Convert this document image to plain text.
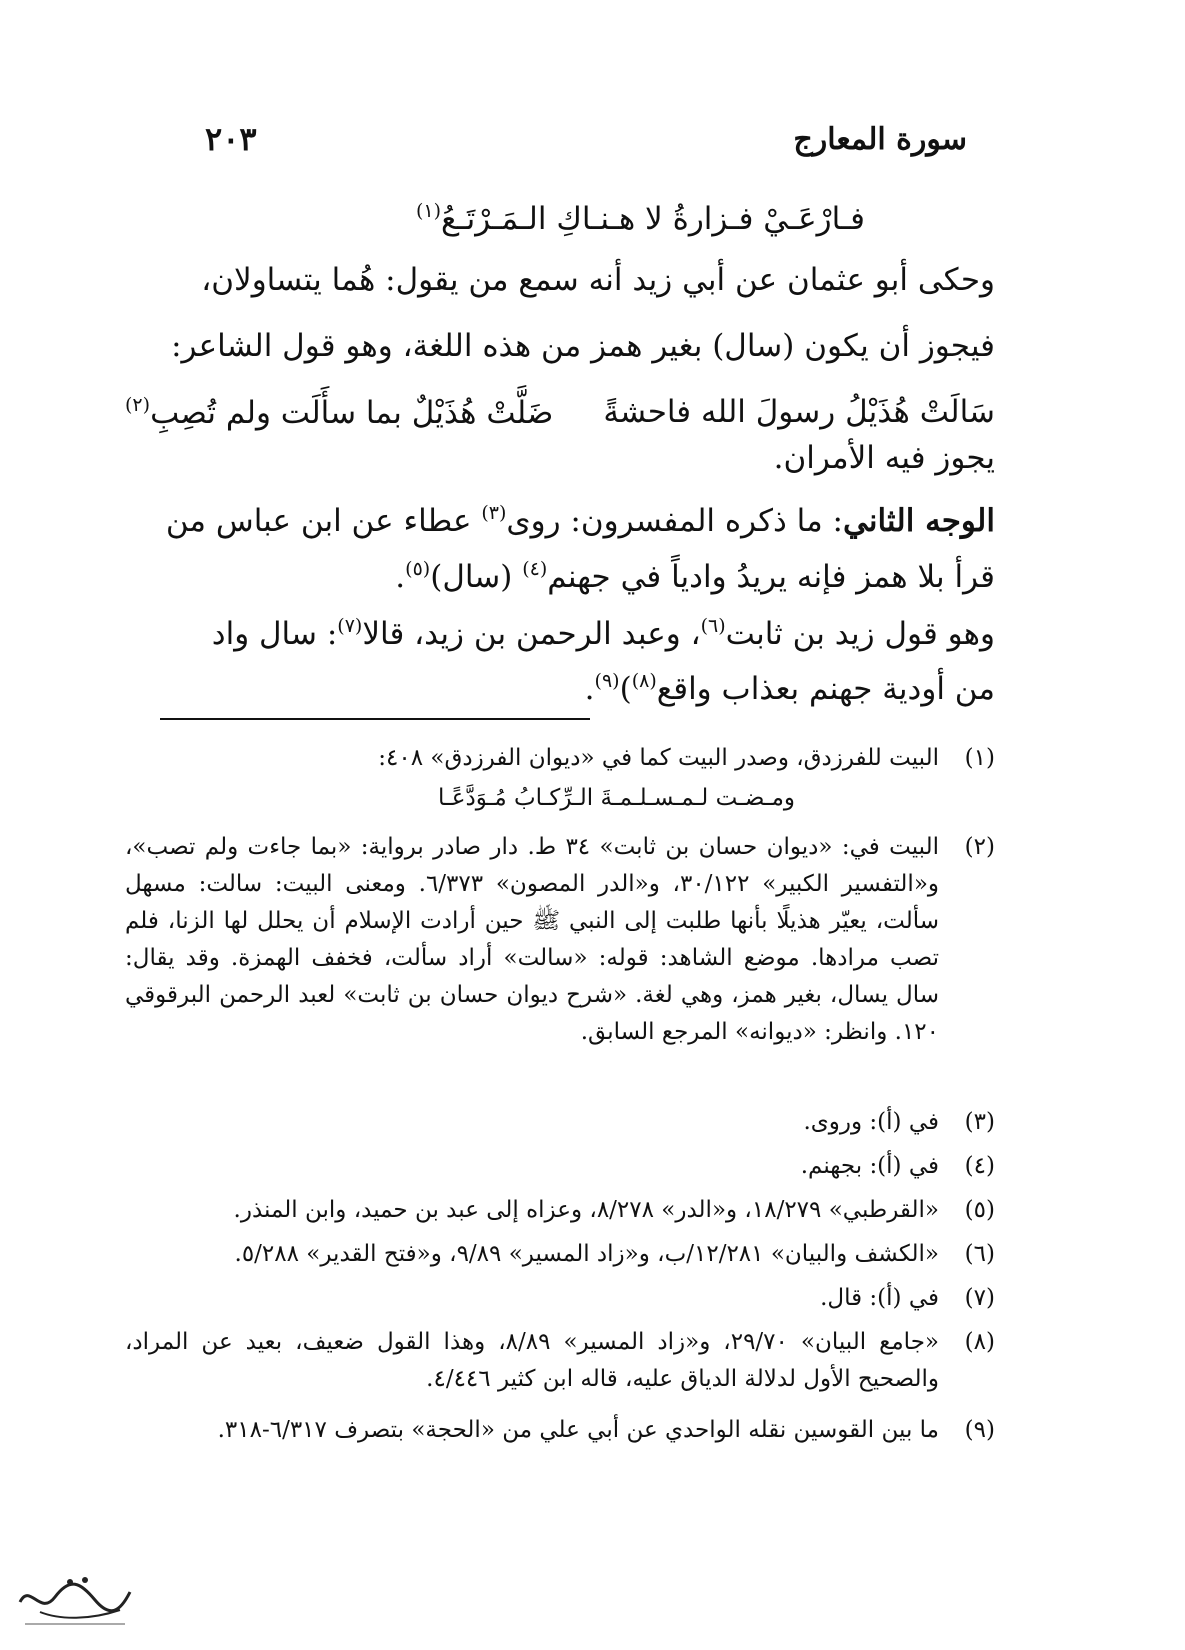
سورة المعارج
٢٠٣
فـارْعَـيْ فـزارةُ لا هـنـاكِ الـمَـرْتَـعُ$^{(١)}$
وحكى أبو عثمان عن أبي زيد أنه سمع من يقول: هُما يتساولان،
فيجوز أن يكون (سال) بغير همز من هذه اللغة، وهو قول الشاعر:
سَالَتْ هُذَيْلُ رسولَ الله فاحشةً
ضَلَّتْ هُذَيْلٌ بما سأَلَت ولم تُصِبِ$^{(٢)}$
يجوز فيه الأمران.
الوجه الثاني: ما ذكره المفسرون: روى$^{(٣)}$ عطاء عن ابن عباس من
قرأ بلا همز فإنه يريدُ وادياً في جهنم$^{(٤)}$ (سال)$^{(٥)}$.
وهو قول زيد بن ثابت$^{(٦)}$، وعبد الرحمن بن زيد، قالا$^{(٧)}$: سال واد
من أودية جهنم بعذاب واقع$^{(٨)}$)$^{(٩)}$.
(١)
البيت للفرزدق، وصدر البيت كما في «ديوان الفرزدق» ٤٠٨:
ومـضـت لـمـسـلـمـةَ الـرِّكـابُ مُـوَدَّعًـا
(٢)
البيت في: «ديوان حسان بن ثابت» ٣٤ ط. دار صادر برواية: «بما جاءت ولم تصب»، و«التفسير الكبير» ٣٠/١٢٢، و«الدر المصون» ٦/٣٧٣. ومعنى البيت: سالت: مسهل سألت، يعيّر هذيلًا بأنها طلبت إلى النبي ﷺ حين أرادت الإسلام أن يحلل لها الزنا، فلم تصب مرادها. موضع الشاهد: قوله: «سالت» أراد سألت، فخفف الهمزة. وقد يقال: سال يسال، بغير همز، وهي لغة. «شرح ديوان حسان بن ثابت» لعبد الرحمن البرقوقي ١٢٠. وانظر: «ديوانه» المرجع السابق.
(٣)
في (أ): وروى.
(٤)
في (أ): بجهنم.
(٥)
«القرطبي» ١٨/٢٧٩، و«الدر» ٨/٢٧٨، وعزاه إلى عبد بن حميد، وابن المنذر.
(٦)
«الكشف والبيان» ١٢/٢٨١/ب، و«زاد المسير» ٩/٨٩، و«فتح القدير» ٥/٢٨٨.
(٧)
في (أ): قال.
(٨)
«جامع البيان» ٢٩/٧٠، و«زاد المسير» ٨/٨٩، وهذا القول ضعيف، بعيد عن المراد، والصحيح الأول لدلالة الدياق عليه، قاله ابن كثير ٤/٤٤٦.
(٩)
ما بين القوسين نقله الواحدي عن أبي علي من «الحجة» بتصرف ٦/٣١٧-٣١٨.
